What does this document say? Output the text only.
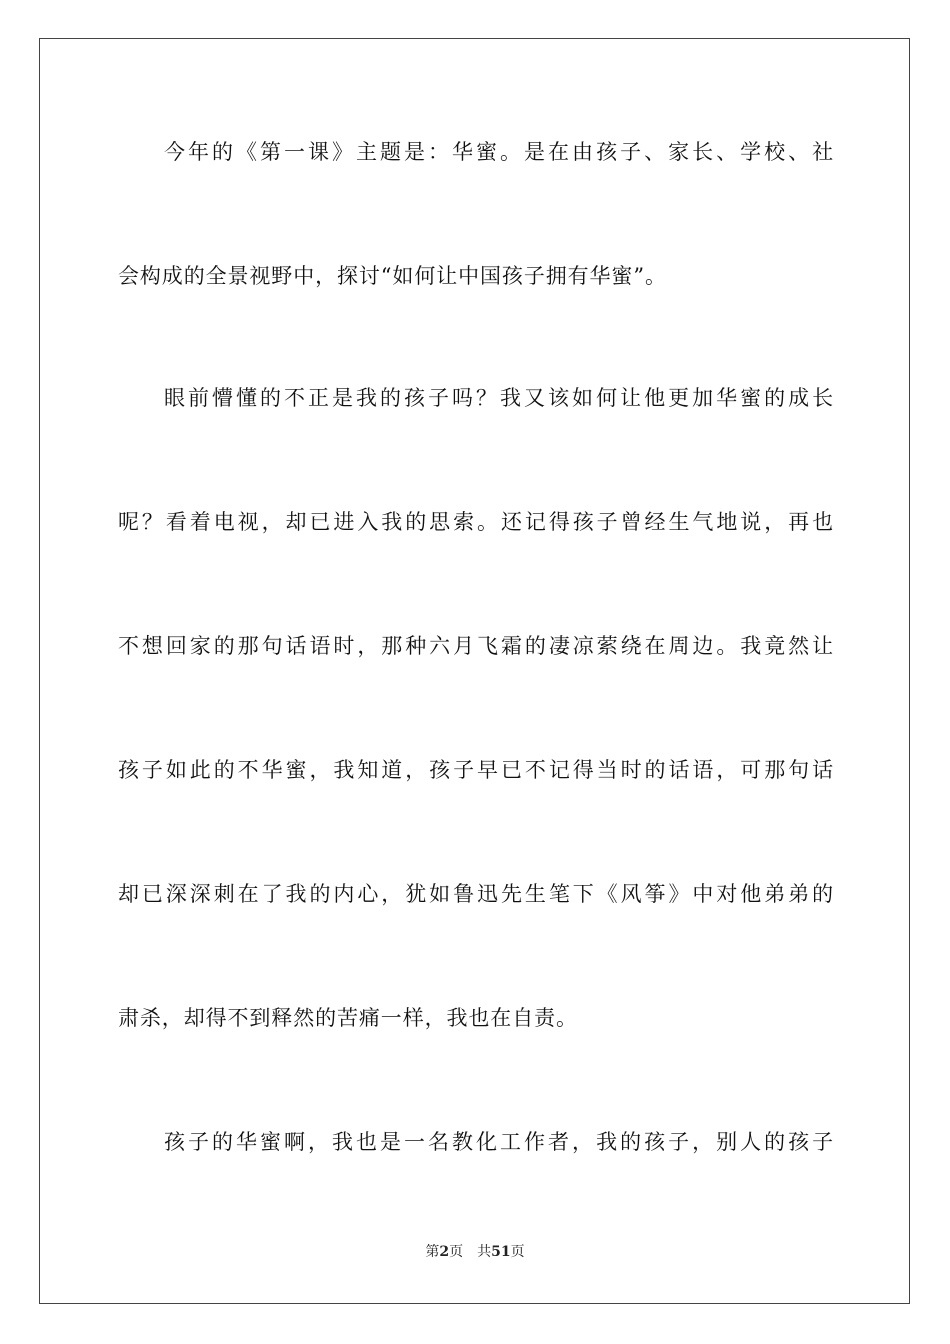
今年的《第一课》主题是：华蜜。是在由孩子、家长、学校、社
会构成的全景视野中，探讨“如何让中国孩子拥有华蜜”。
眼前懵懂的不正是我的孩子吗？我又该如何让他更加华蜜的成长
呢？看着电视，却已进入我的思索。还记得孩子曾经生气地说，再也
不想回家的那句话语时，那种六月飞霜的凄凉萦绕在周边。我竟然让
孩子如此的不华蜜，我知道，孩子早已不记得当时的话语，可那句话
却已深深刺在了我的内心，犹如鲁迅先生笔下《风筝》中对他弟弟的
肃杀，却得不到释然的苦痛一样，我也在自责。
孩子的华蜜啊，我也是一名教化工作者，我的孩子，别人的孩子
第2页 共51页
